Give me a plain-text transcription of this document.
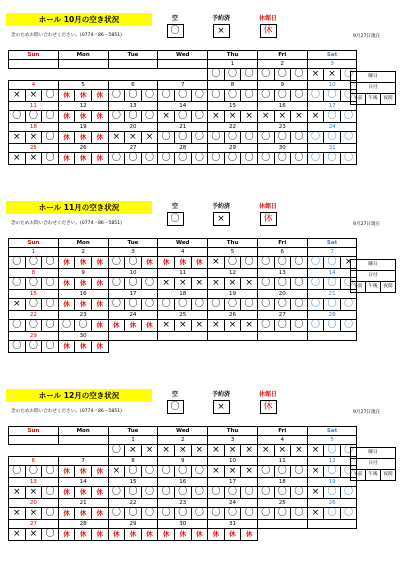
ホール 10月の空き状況
念のためお問い合わせください。(0774－86－5851)
空
〇
予約済
×
休館日
休
9月27日現在
Sun			Mon			Tue			Wed			Thu			Fri			Sat		
												1			2			3		
												〇	〇	〇	〇	〇	〇	×	×	〇
4			5			6			7			8			9			10		
×	×	〇	休	休	休	〇	〇	〇	〇	〇	〇	〇	〇	〇	〇	〇	〇	〇	〇	〇
11			12			13			14			15			16			17		
〇	〇	〇	休	休	休	〇	〇	〇	×	〇	〇	×	×	×	×	×	×	×	〇	〇
18			19			20			21			22			23			24		
×	×	〇	休	休	休	×	×	×	〇	〇	〇	〇	〇	〇	〇	〇	〇	〇	〇	〇
25			26			27			28			29			30			31		
×	×	〇	休	休	休	〇	〇	〇	〇	〇	〇	〇	〇	〇	〇	〇	〇	〇	〇	〇
曜日
日付
午前	午後	夜間
ホール 11月の空き状況
念のためお問い合わせください。(0774－86－5851)
空
〇
予約済
×
休館日
休
9月27日現在
Sun			Mon			Tue			Wed			Thu			Fri			Sat		
1			2			3			4			5			6			7		
〇	〇	〇	休	休	休	〇	〇	休	休	休	休	×	〇	〇	〇	〇	〇	〇	〇	×
8			9			10			11			12			13			14		
〇	〇	〇	休	休	休	〇	〇	〇	×	×	×	×	×	×	〇	〇	〇	〇	〇	〇
15			16			17			18			19			20			21		
×	〇	〇	休	休	休	〇	〇	〇	〇	〇	〇	〇	〇	〇	〇	〇	〇	〇	〇	〇
22			23			24			25			26			27			28		
〇	〇	〇	〇	〇	休	休	休	休	×	×	×	×	×	×	〇	〇	〇	〇	〇	〇
29			30																	
〇	〇	〇	休	休	休															
曜日
日付
午前	午後	夜間
ホール 12月の空き状況
念のためお問い合わせください。(0774－86－5851)
空
〇
予約済
×
休館日
休
9月27日現在
Sun			Mon			Tue			Wed			Thu			Fri			Sat		
						1			2			3			4			5		
						〇	×	×	×	×	×	×	×	×	×	×	×	×	〇	〇
6			7			8			9			10			11			12		
〇	〇	〇	休	休	休	×	〇	〇	〇	〇	〇	×	×	×	〇	〇	〇	×	〇	〇
13			14			15			16			17			18			19		
×	×	〇	休	休	休	〇	〇	〇	〇	〇	〇	〇	〇	〇	〇	〇	〇	×	〇	〇
20			21			22			23			24			25			26		
×	×	〇	休	休	休	〇	〇	〇	〇	〇	〇	〇	〇	〇	〇	〇	〇	×	〇	〇
27			28			29			30			31								
×	×	〇	休	休	休	休	休	休	休	休	休	休	休	休						
曜日
日付
午前	午後	夜間
